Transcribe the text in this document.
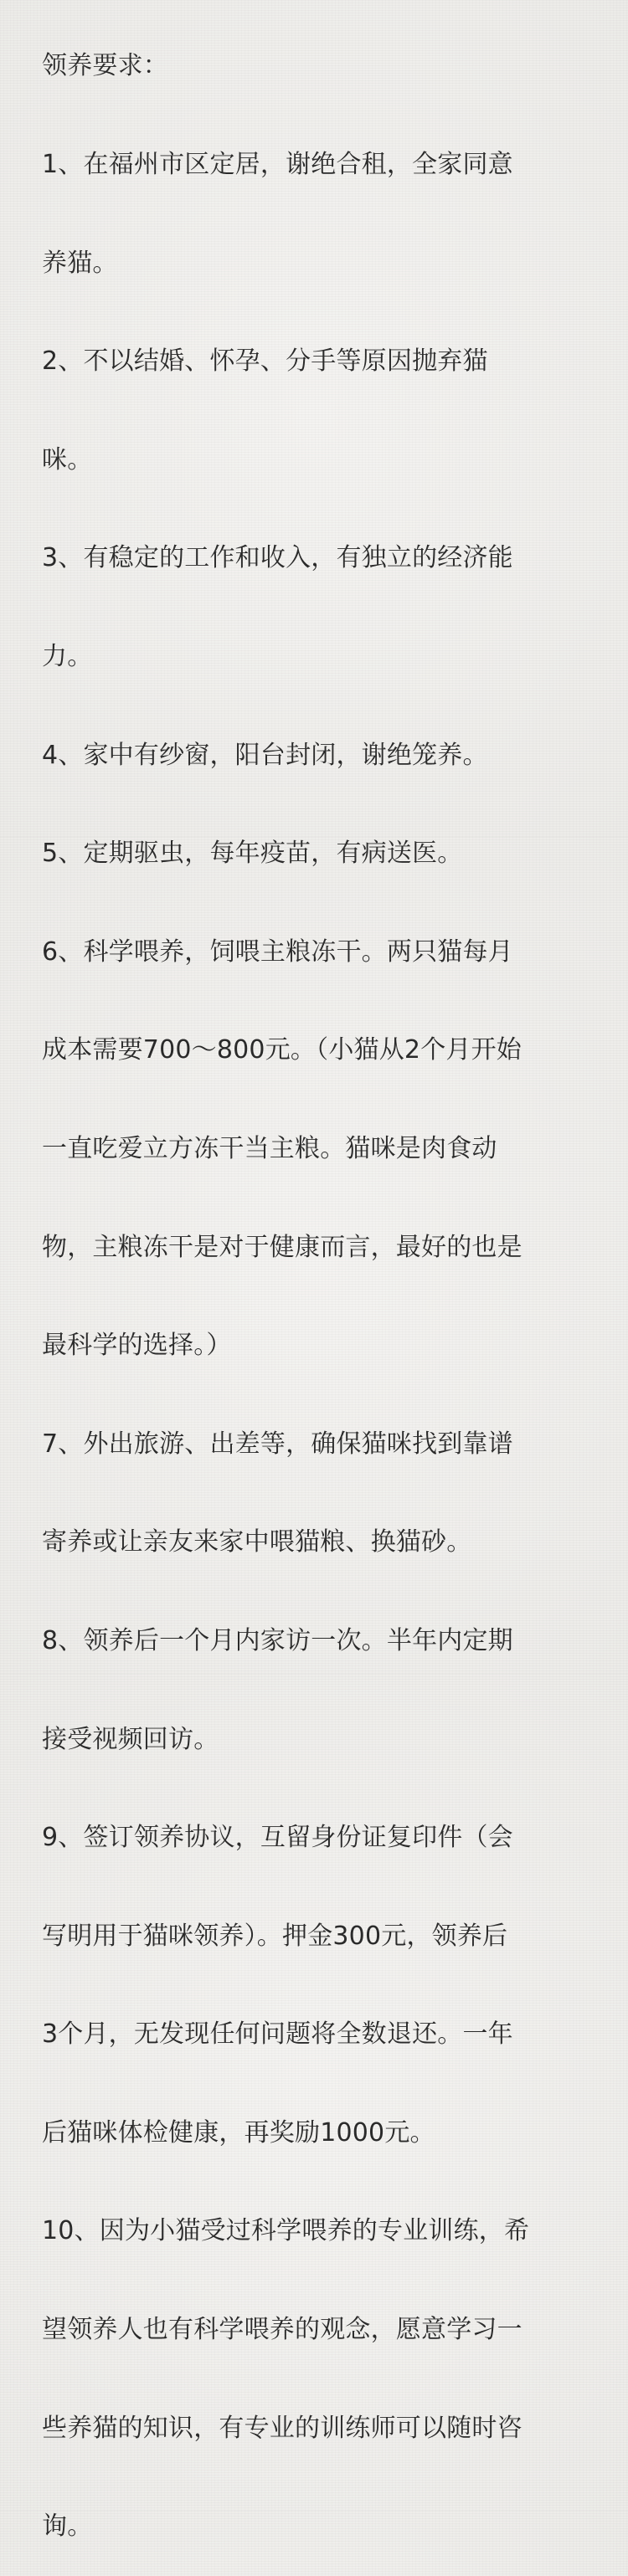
领养要求：

1、在福州市区定居，谢绝合租，全家同意

养猫。

2、不以结婚、怀孕、分手等原因抛弃猫

咪。

3、有稳定的工作和收入，有独立的经济能

力。

4、家中有纱窗，阳台封闭，谢绝笼养。

5、定期驱虫，每年疫苗，有病送医。

6、科学喂养，饲喂主粮冻干。两只猫每月

成本需要700～800元。（小猫从2个月开始

一直吃爱立方冻干当主粮。猫咪是肉食动

物，主粮冻干是对于健康而言，最好的也是

最科学的选择。）

7、外出旅游、出差等，确保猫咪找到靠谱

寄养或让亲友来家中喂猫粮、换猫砂。

8、领养后一个月内家访一次。半年内定期

接受视频回访。

9、签订领养协议，互留身份证复印件（会

写明用于猫咪领养）。押金300元，领养后

3个月，无发现任何问题将全数退还。一年

后猫咪体检健康，再奖励1000元。

10、因为小猫受过科学喂养的专业训练，希

望领养人也有科学喂养的观念，愿意学习一

些养猫的知识，有专业的训练师可以随时咨

询。
